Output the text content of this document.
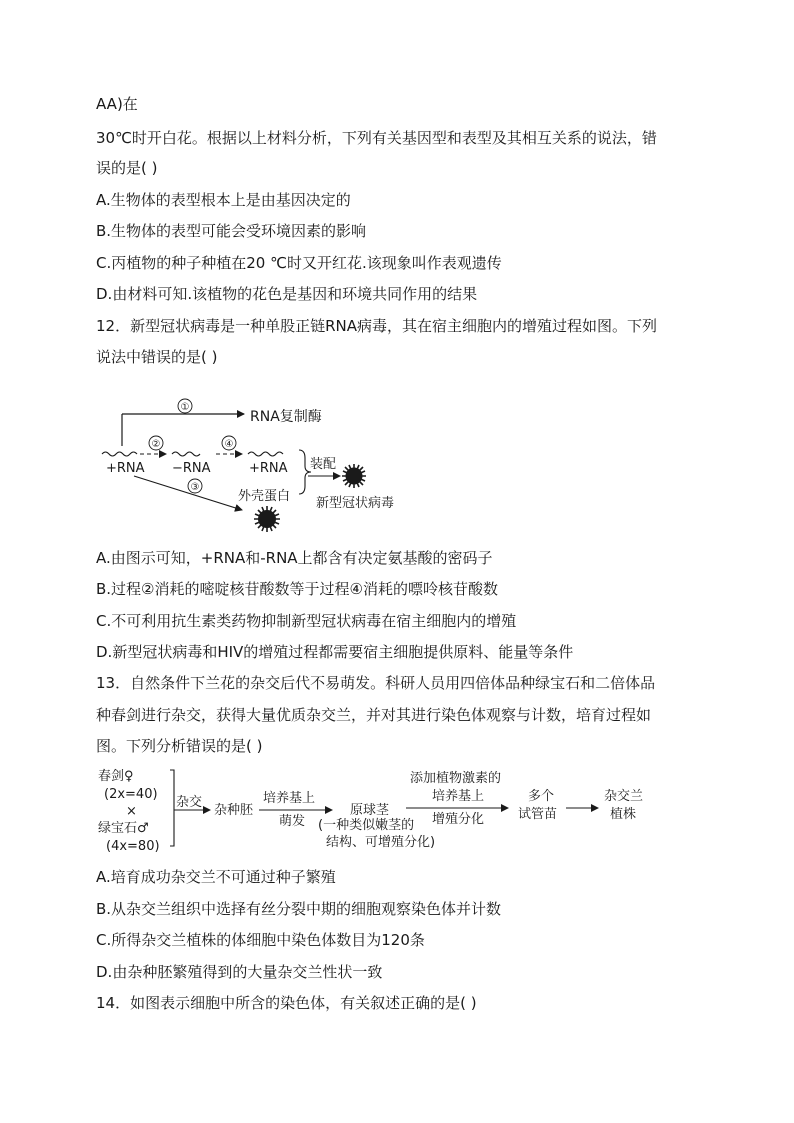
AA)在
30℃时开白花。根据以上材料分析，下列有关基因型和表型及其相互关系的说法，错
误的是( )
A.生物体的表型根本上是由基因决定的
B.生物体的表型可能会受环境因素的影响
C.丙植物的种子种植在20 ℃时又开红花.该现象叫作表观遗传
D.由材料可知.该植物的花色是基因和环境共同作用的结果
12．新型冠状病毒是一种单股正链RNA病毒，其在宿主细胞内的增殖过程如图。下列
说法中错误的是( )
①
RNA复制酶
+RNA −RNA	+RNA
②	④
③
外壳蛋白
装配
新型冠状病毒
A.由图示可知，+RNA和-RNA上都含有决定氨基酸的密码子
B.过程②消耗的嘧啶核苷酸数等于过程④消耗的嘌呤核苷酸数
C.不可利用抗生素类药物抑制新型冠状病毒在宿主细胞内的增殖
D.新型冠状病毒和HIV的增殖过程都需要宿主细胞提供原料、能量等条件
13．自然条件下兰花的杂交后代不易萌发。科研人员用四倍体品种绿宝石和二倍体品
种春剑进行杂交，获得大量优质杂交兰，并对其进行染色体观察与计数，培育过程如
图。下列分析错误的是( )
春剑♀
(2x=40)
×
绿宝石♂
(4x=80)
杂交
杂种胚
培养基上
萌发
原球茎
(一种类似嫩茎的
结构、可增殖分化)
添加植物激素的
培养基上
增殖分化
多个
试管苗
杂交兰
植株
A.培育成功杂交兰不可通过种子繁殖
B.从杂交兰组织中选择有丝分裂中期的细胞观察染色体并计数
C.所得杂交兰植株的体细胞中染色体数目为120条
D.由杂种胚繁殖得到的大量杂交兰性状一致
14．如图表示细胞中所含的染色体，有关叙述正确的是( )
